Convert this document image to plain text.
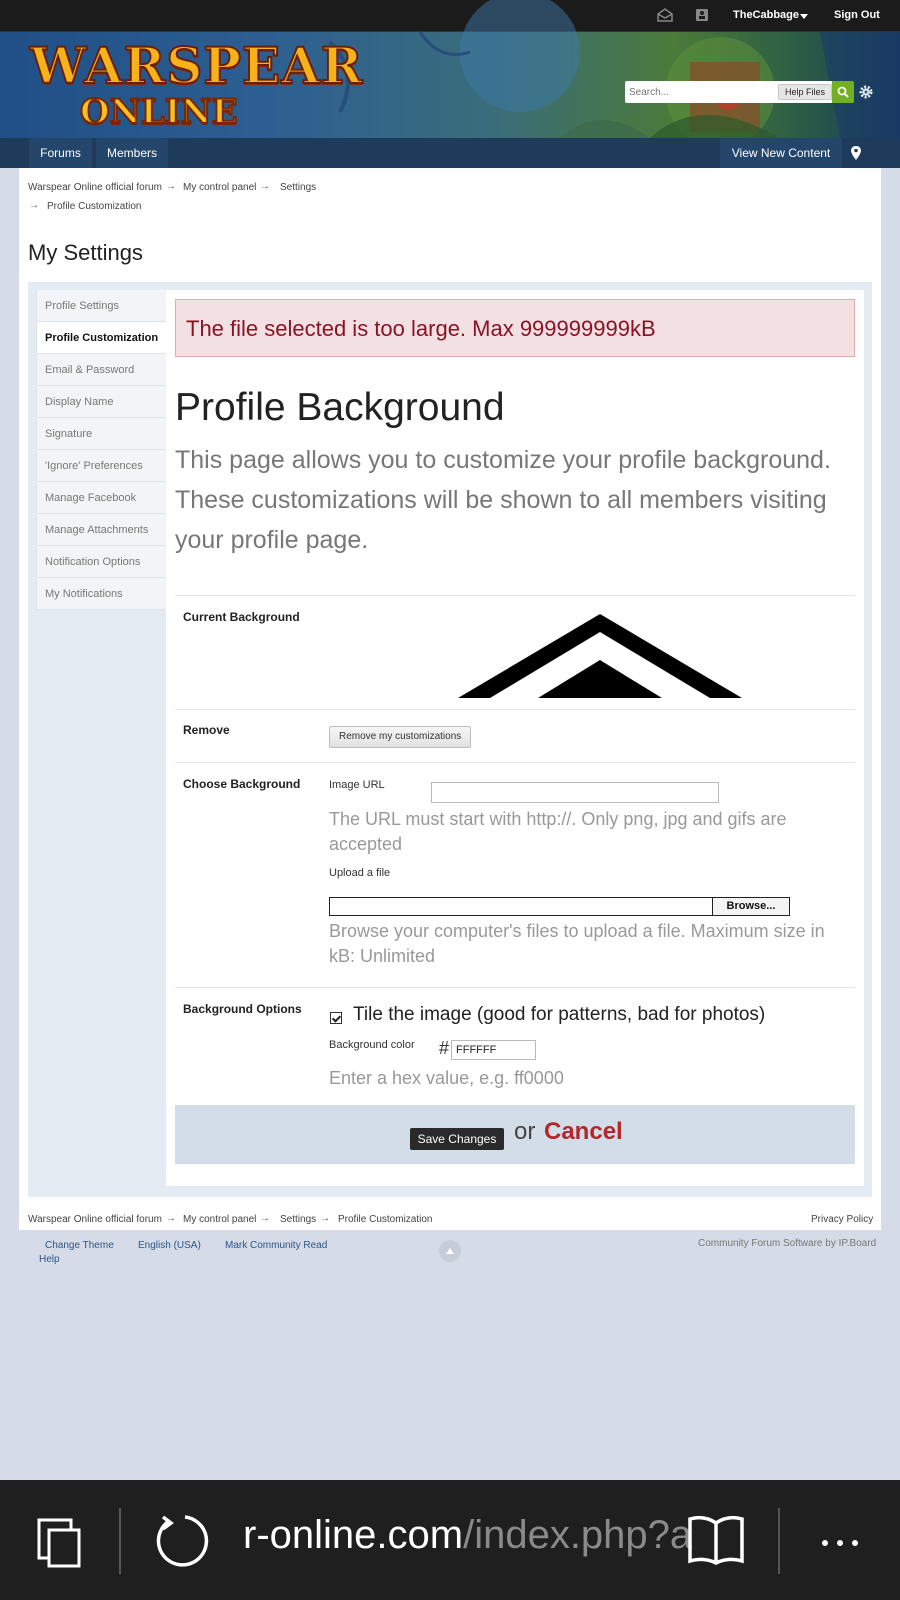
TheCabbage	Sign Out
WARSPEAR
ONLINE
Search...	Help Files
Forums	Members	View New Content
Warspear Online official forum → My control panel → Settings
→ Profile Customization
My Settings
Profile Settings
Profile Customization
Email & Password
Display Name
Signature
'Ignore' Preferences
Manage Facebook
Manage Attachments
Notification Options
My Notifications
The file selected is too large. Max 999999999kB
Profile Background
This page allows you to customize your profile background. These customizations will be shown to all members visiting your profile page.
Current Background
Remove	Remove my customizations
Choose Background	Image URL
The URL must start with http://. Only png, jpg and gifs are accepted
Upload a file
Browse...
Browse your computer's files to upload a file. Maximum size in kB: Unlimited
Background Options	Tile the image (good for patterns, bad for photos)
Background color #
FFFFFF
Enter a hex value, e.g. ff0000
Save Changes or Cancel
Warspear Online official forum → My control panel → Settings → Profile Customization	Privacy Policy
Change Theme English (USA) Mark Community Read
Help
Community Forum Software by IP.Board
r-online.com/index.php?a
